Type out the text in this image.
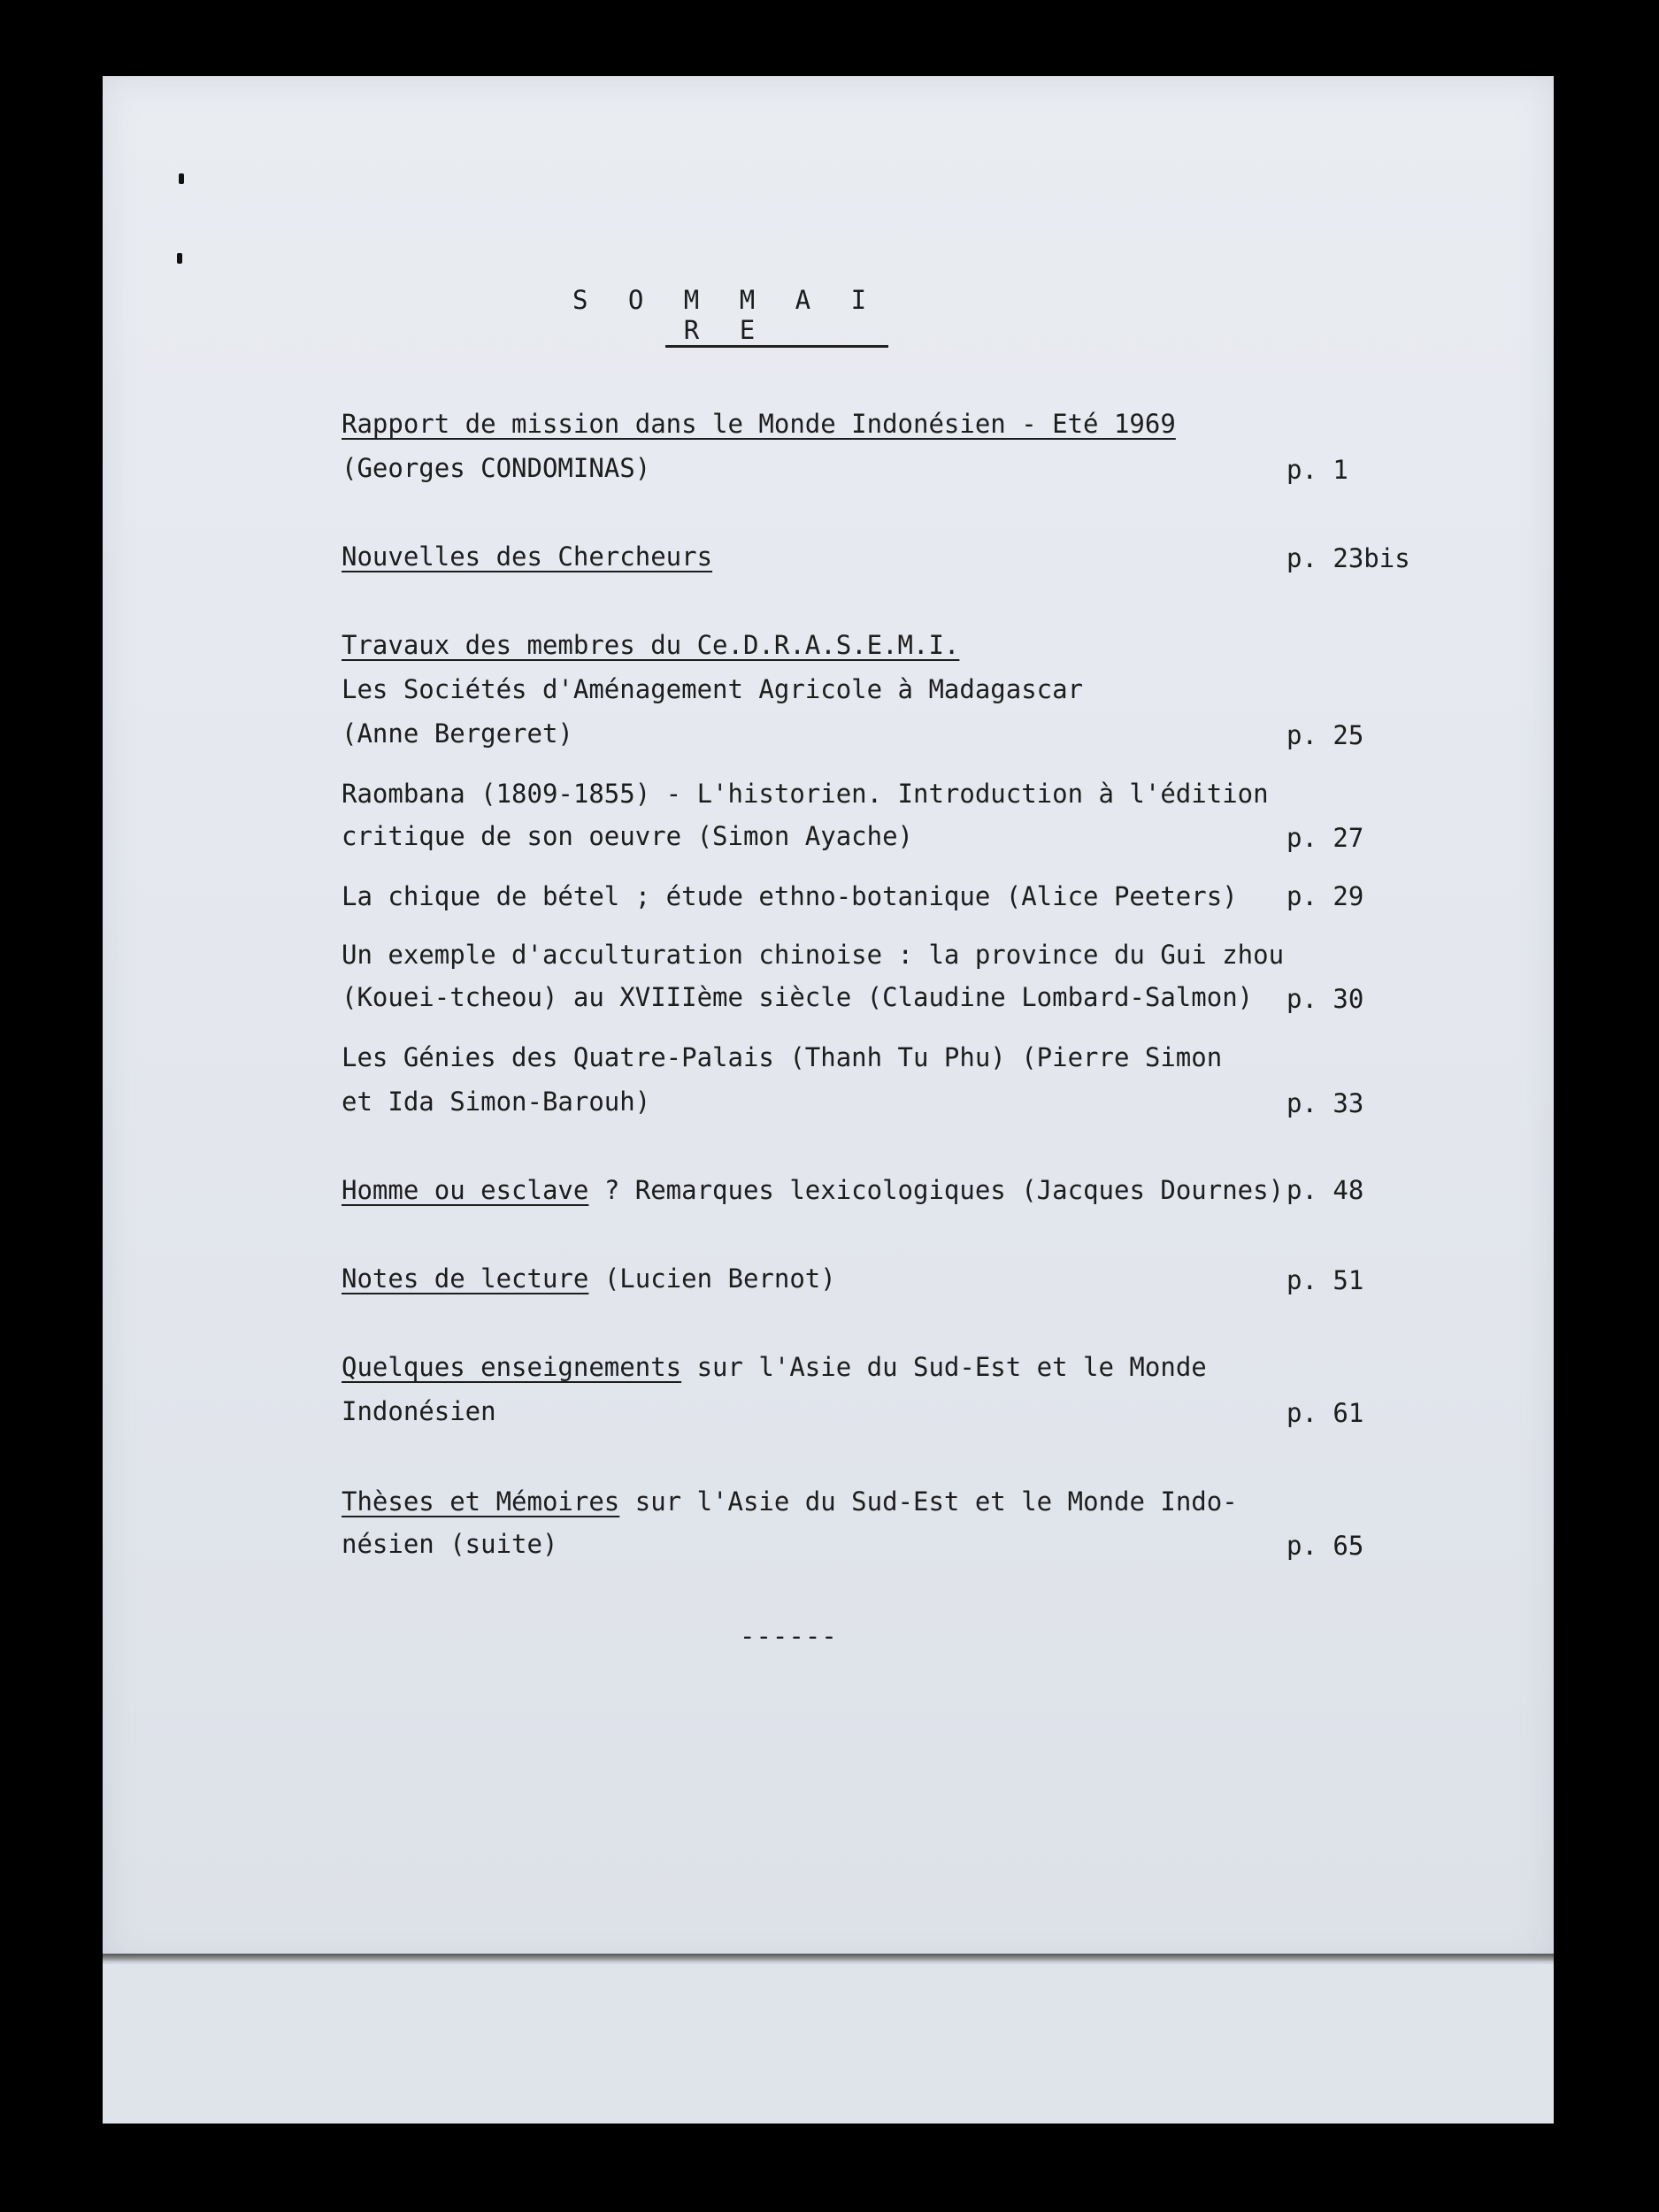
S O M M A I R E
Rapport de mission dans le Monde Indonésien - Eté 1969
(Georges CONDOMINAS)	p. 1
Nouvelles des Chercheurs	p. 23bis
Travaux des membres du Ce.D.R.A.S.E.M.I.
Les Sociétés d'Aménagement Agricole à Madagascar
(Anne Bergeret)	p. 25
Raombana (1809-1855) - L'historien. Introduction à l'édition
critique de son oeuvre (Simon Ayache)	p. 27
La chique de bétel ; étude ethno-botanique (Alice Peeters) p. 29
Un exemple d'acculturation chinoise : la province du Gui zhou
(Kouei-tcheou) au XVIIIème siècle (Claudine Lombard-Salmon) p. 30
Les Génies des Quatre-Palais (Thanh Tu Phu) (Pierre Simon
et Ida Simon-Barouh)	p. 33
Homme ou esclave ? Remarques lexicologiques (Jacques Dournes) p. 48
Notes de lecture (Lucien Bernot)	p. 51
Quelques enseignements sur l'Asie du Sud-Est et le Monde
Indonésien	p. 61
Thèses et Mémoires sur l'Asie du Sud-Est et le Monde Indo-
nésien (suite)	p. 65
------
